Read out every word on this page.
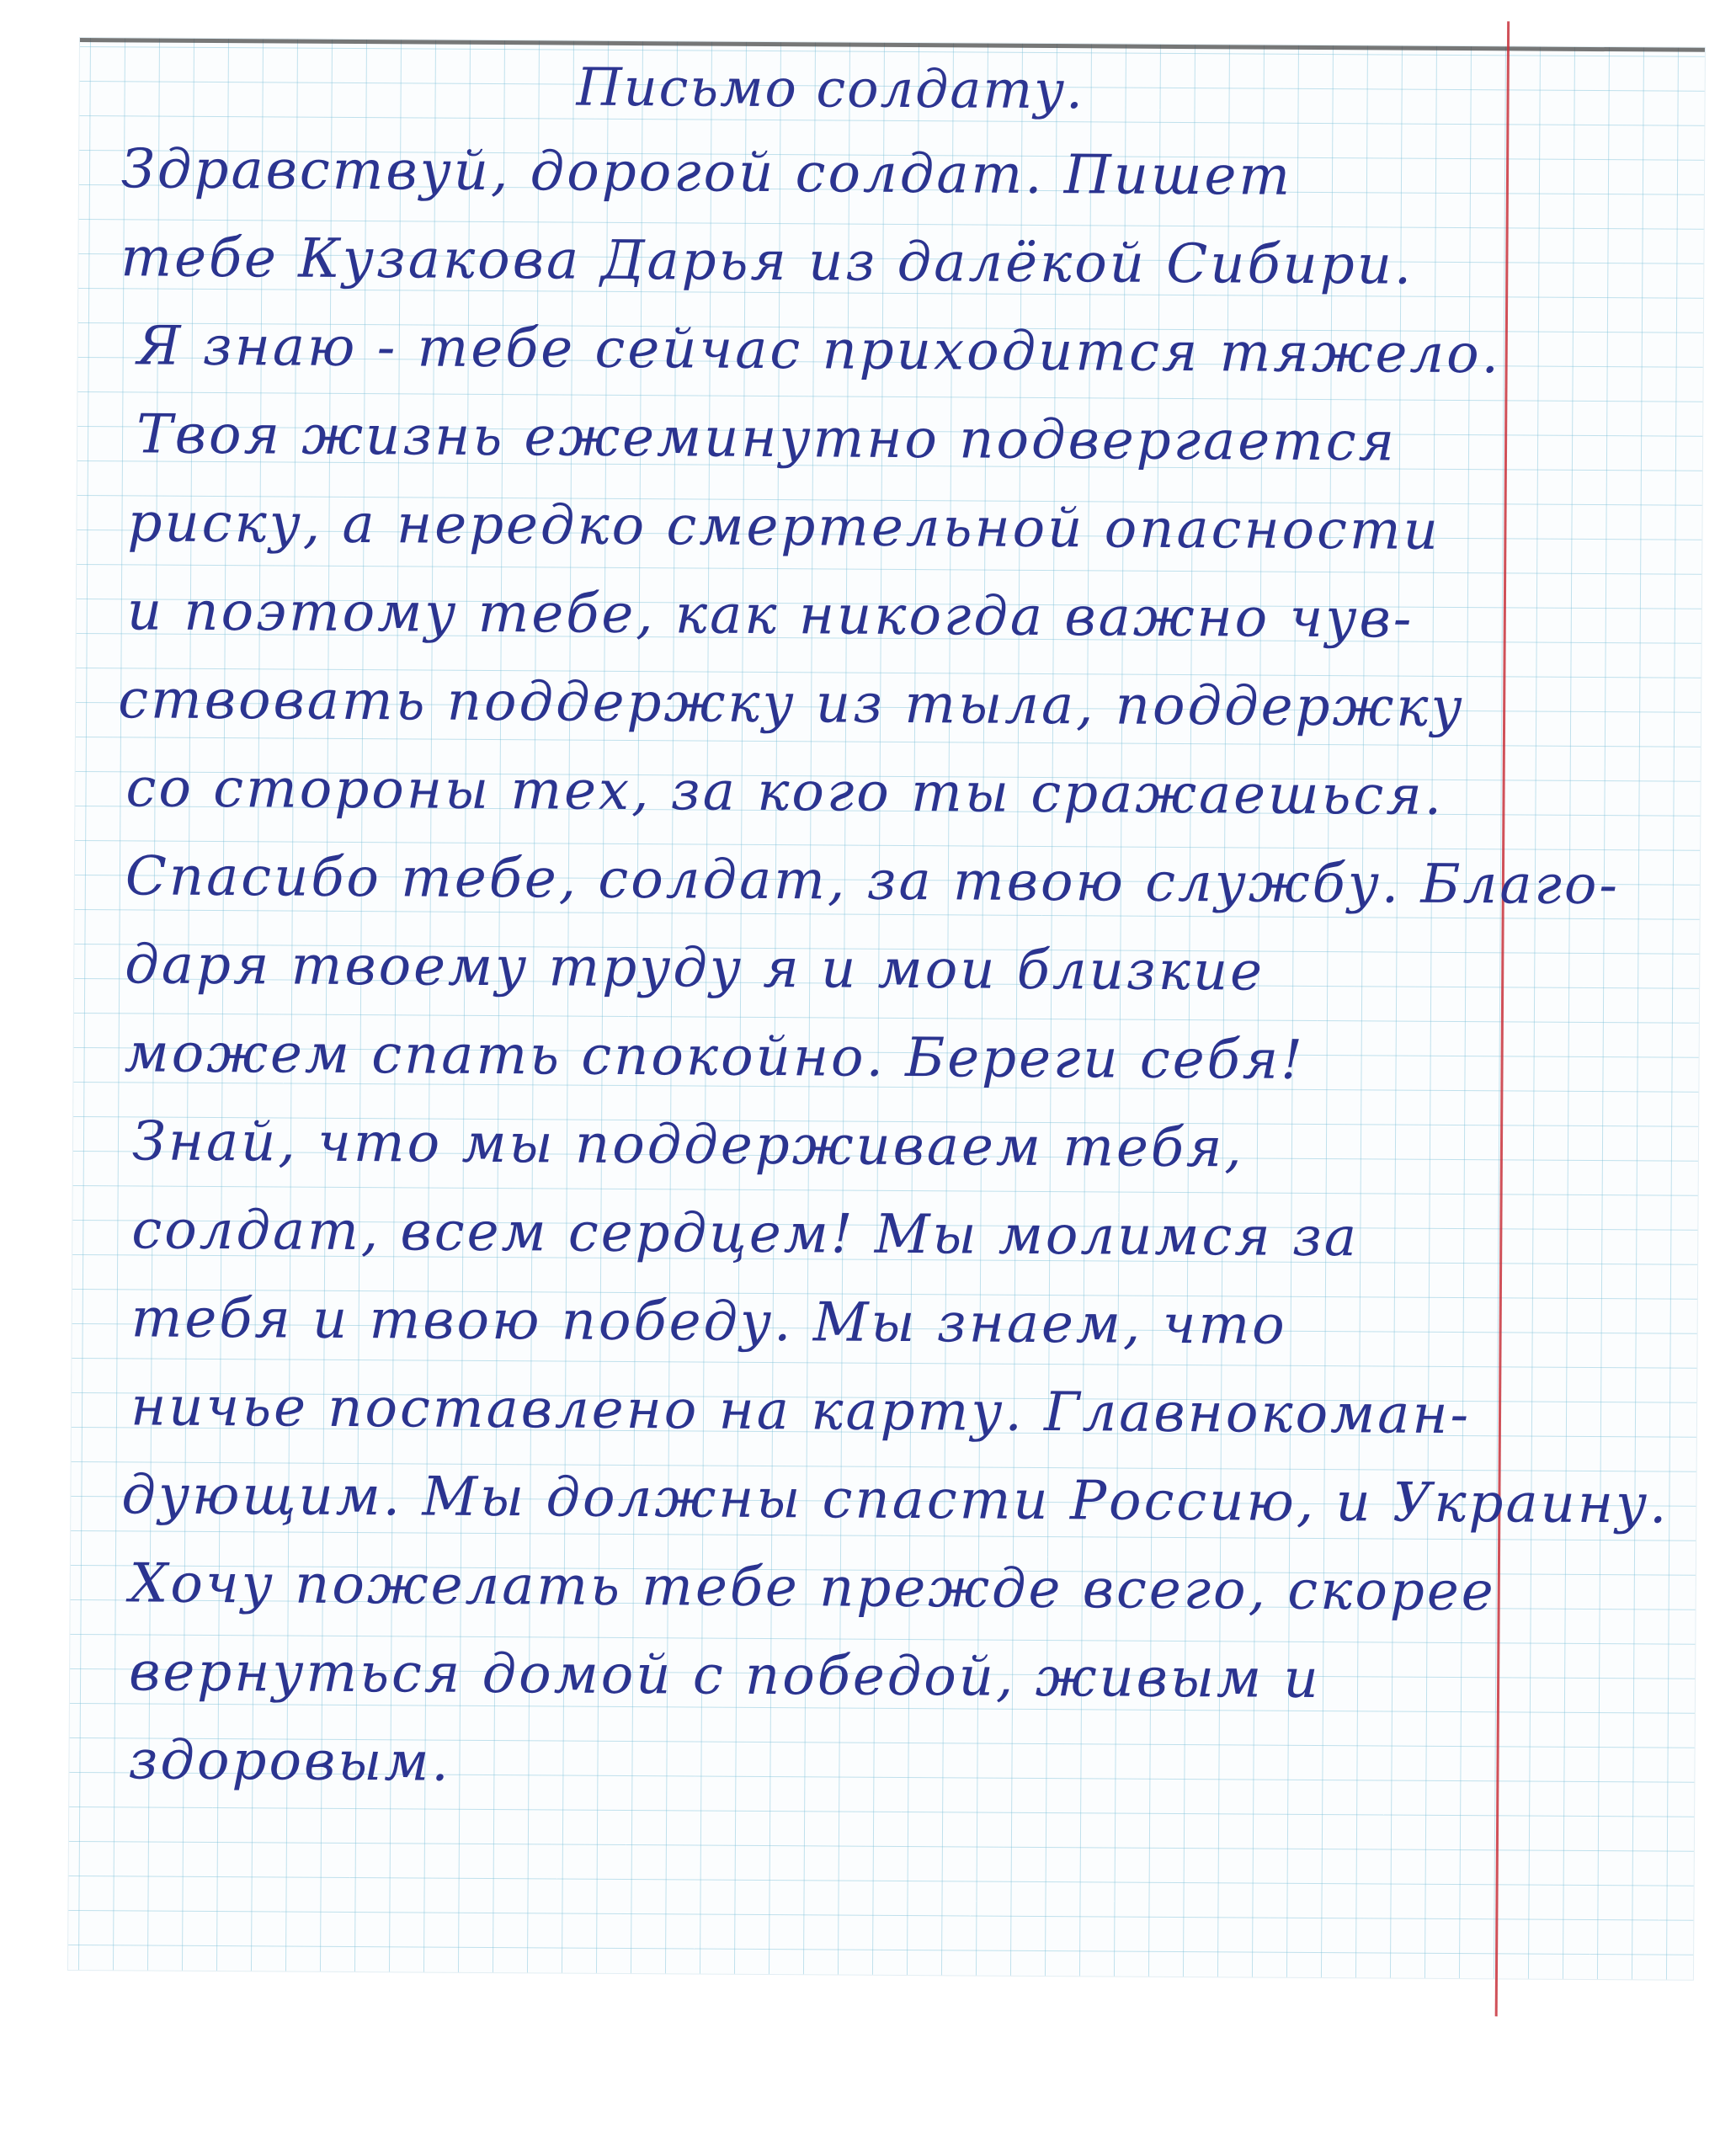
Письмо солдату.
Здравствуй, дорогой солдат. Пишет
тебе Кузакова Дарья из далёкой Сибири.
Я знаю - тебе сейчас приходится тяжело.
Твоя жизнь ежеминутно подвергается
риску, а нередко смертельной опасности
и поэтому тебе, как никогда важно чув-
ствовать поддержку из тыла, поддержку
со стороны тех, за кого ты сражаешься.
Спасибо тебе, солдат, за твою службу. Благо-
даря твоему труду я и мои близкие
можем спать спокойно. Береги себя!
Знай, что мы поддерживаем тебя,
солдат, всем сердцем! Мы молимся за
тебя и твою победу. Мы знаем, что
ничье поставлено на карту. Главнокоман-
дующим. Мы должны спасти Россию, и Украину.
Хочу пожелать тебе прежде всего, скорее
вернуться домой с победой, живым и
здоровым.
